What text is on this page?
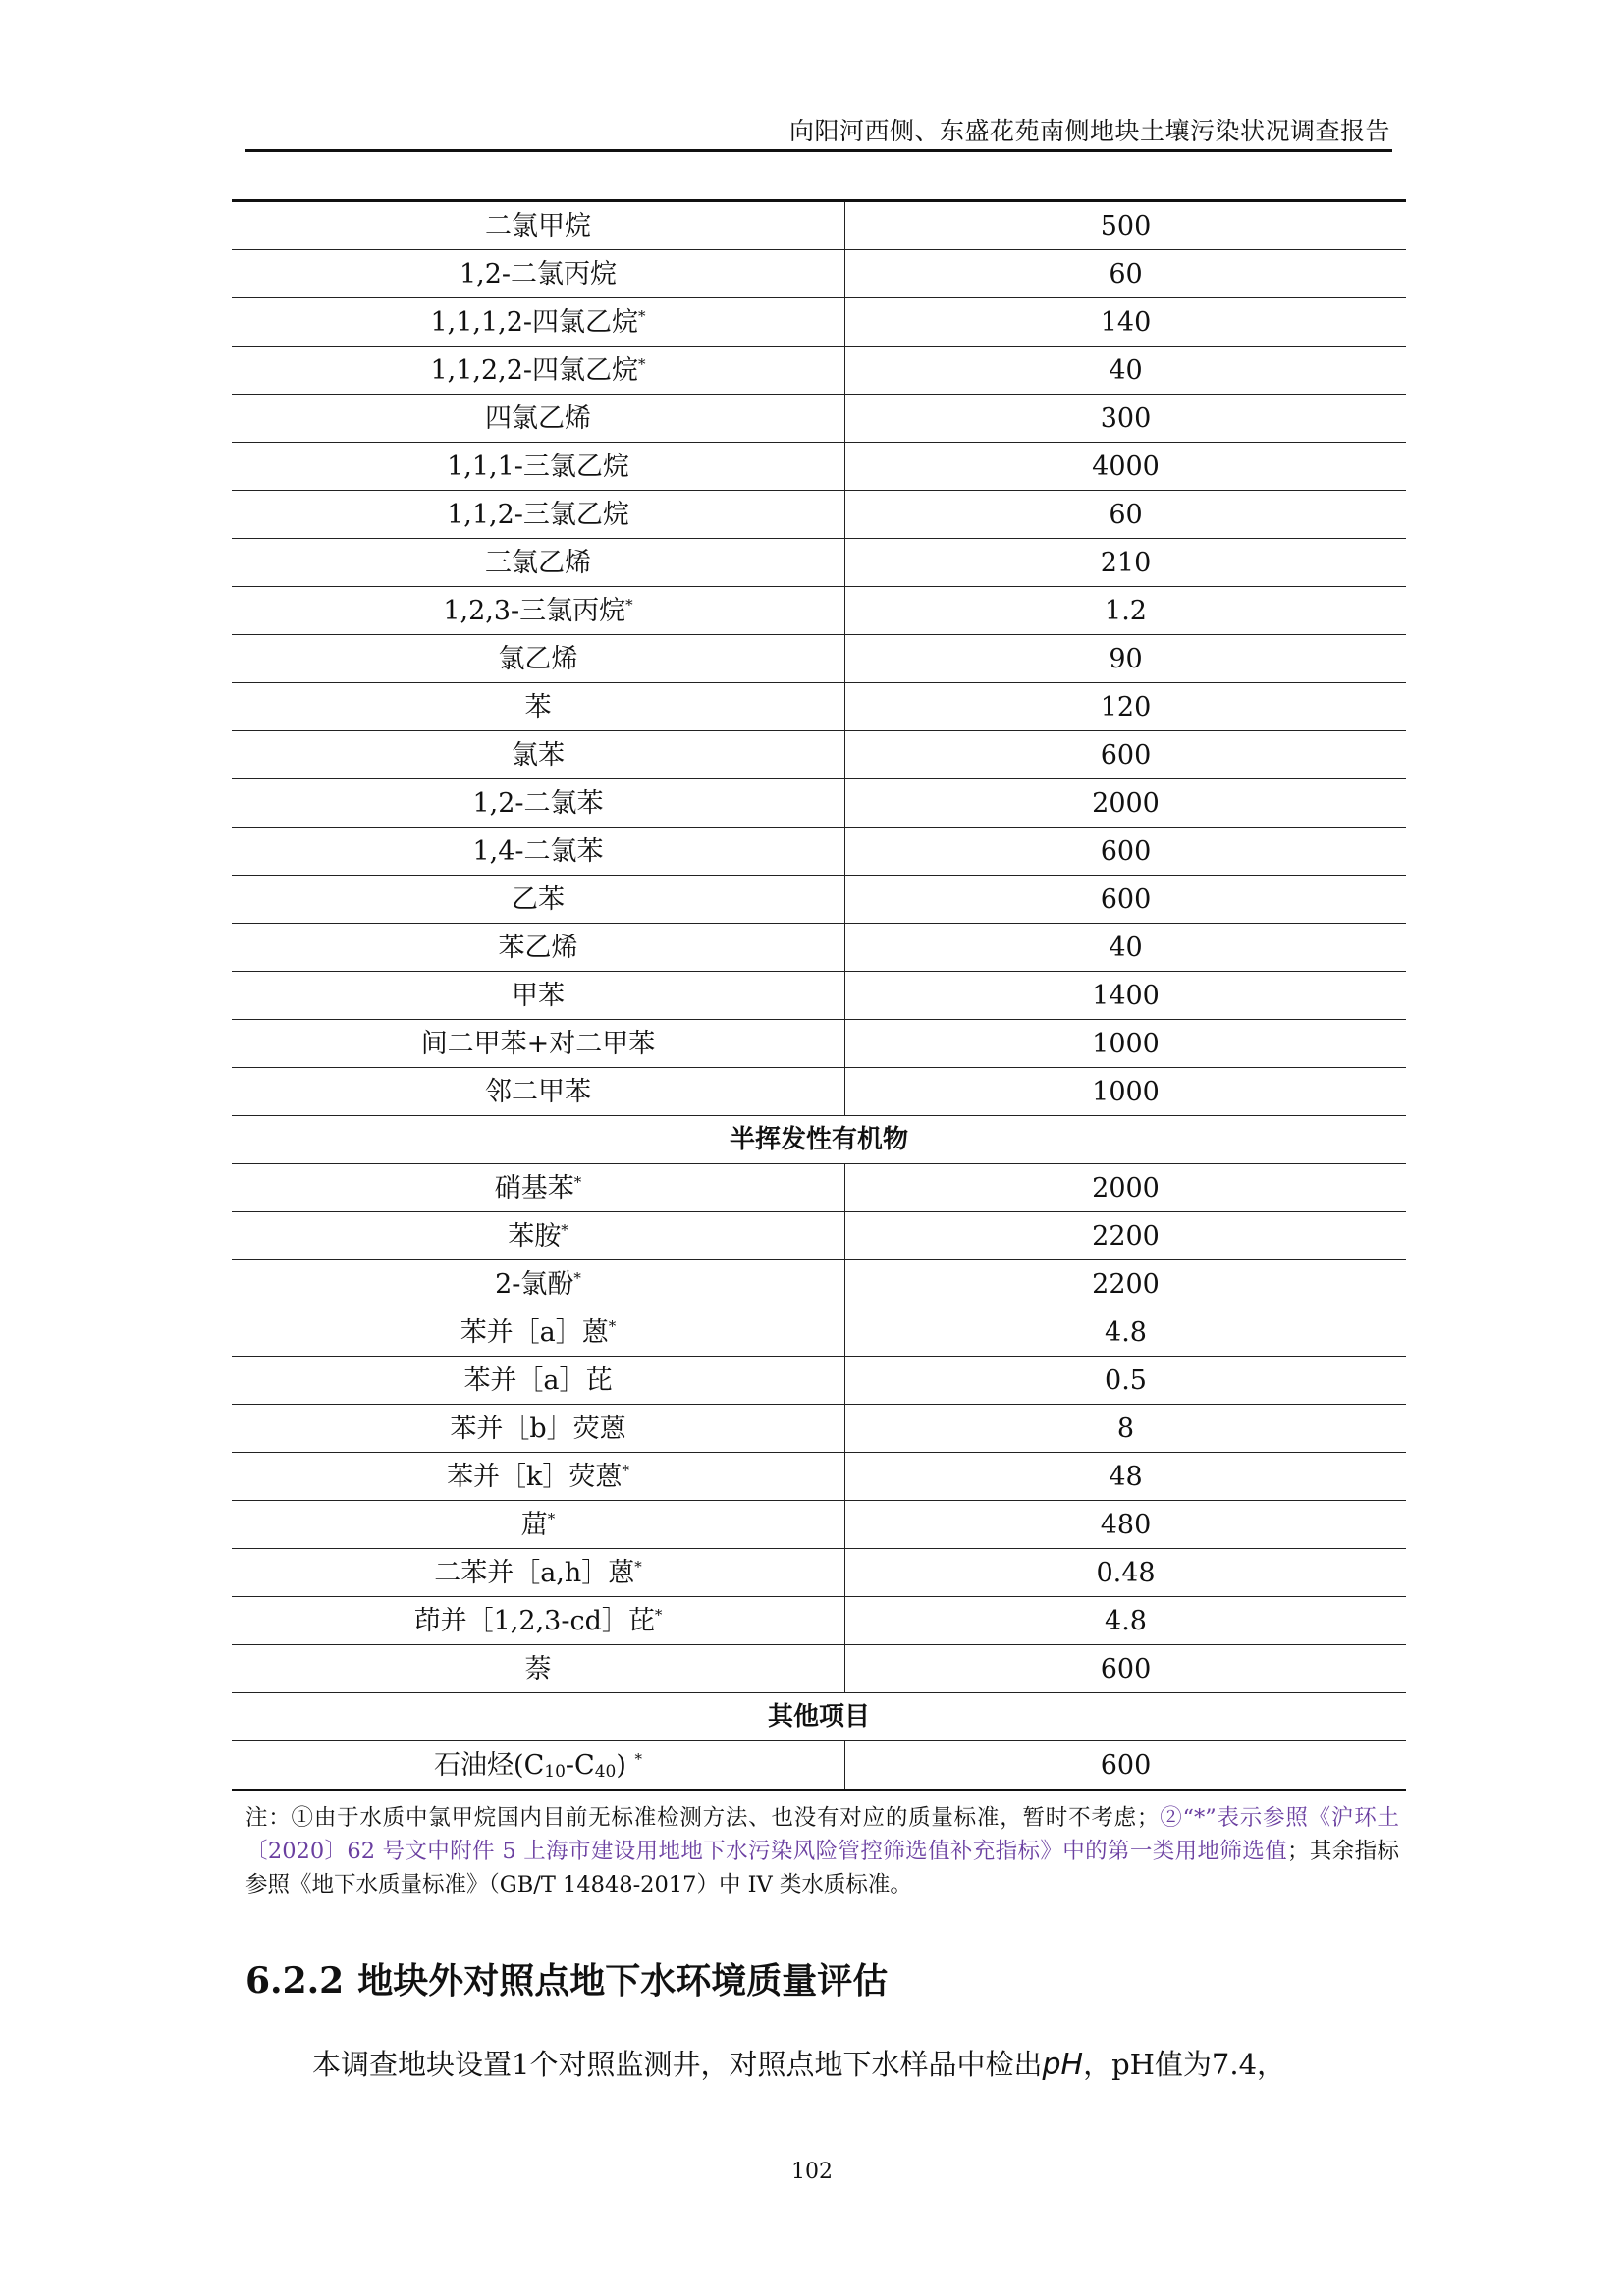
向阳河西侧、东盛花苑南侧地块土壤污染状况调查报告
二氯甲烷	500
1,2-二氯丙烷	60
1,1,1,2-四氯乙烷*	140
1,1,2,2-四氯乙烷*	40
四氯乙烯	300
1,1,1-三氯乙烷	4000
1,1,2-三氯乙烷	60
三氯乙烯	210
1,2,3-三氯丙烷*	1.2
氯乙烯	90
苯	120
氯苯	600
1,2-二氯苯	2000
1,4-二氯苯	600
乙苯	600
苯乙烯	40
甲苯	1400
间二甲苯+对二甲苯	1000
邻二甲苯	1000
半挥发性有机物	
硝基苯*	2000
苯胺*	2200
2-氯酚*	2200
苯并［a］蒽*	4.8
苯并［a］芘	0.5
苯并［b］荧蒽	8
苯并［k］荧蒽*	48
䓛*	480
二苯并［a,h］蒽*	0.48
茚并［1,2,3-cd］芘*	4.8
萘	600
其他项目	
石油烃$(C_{10}-C_{40})$ *	600
注：①由于水质中氯甲烷国内目前无标准检测方法、也没有对应的质量标准，暂时不考虑；②“*”表示参照《沪环土〔2020〕62 号文中附件 5 上海市建设用地地下水污染风险管控筛选值补充指标》中的第一类用地筛选值；其余指标参照《地下水质量标准》（GB/T 14848-2017）中 IV 类水质标准。
6.2.2 地块外对照点地下水环境质量评估
本调查地块设置1个对照监测井，对照点地下水样品中检出pH，pH值为7.4，
102
